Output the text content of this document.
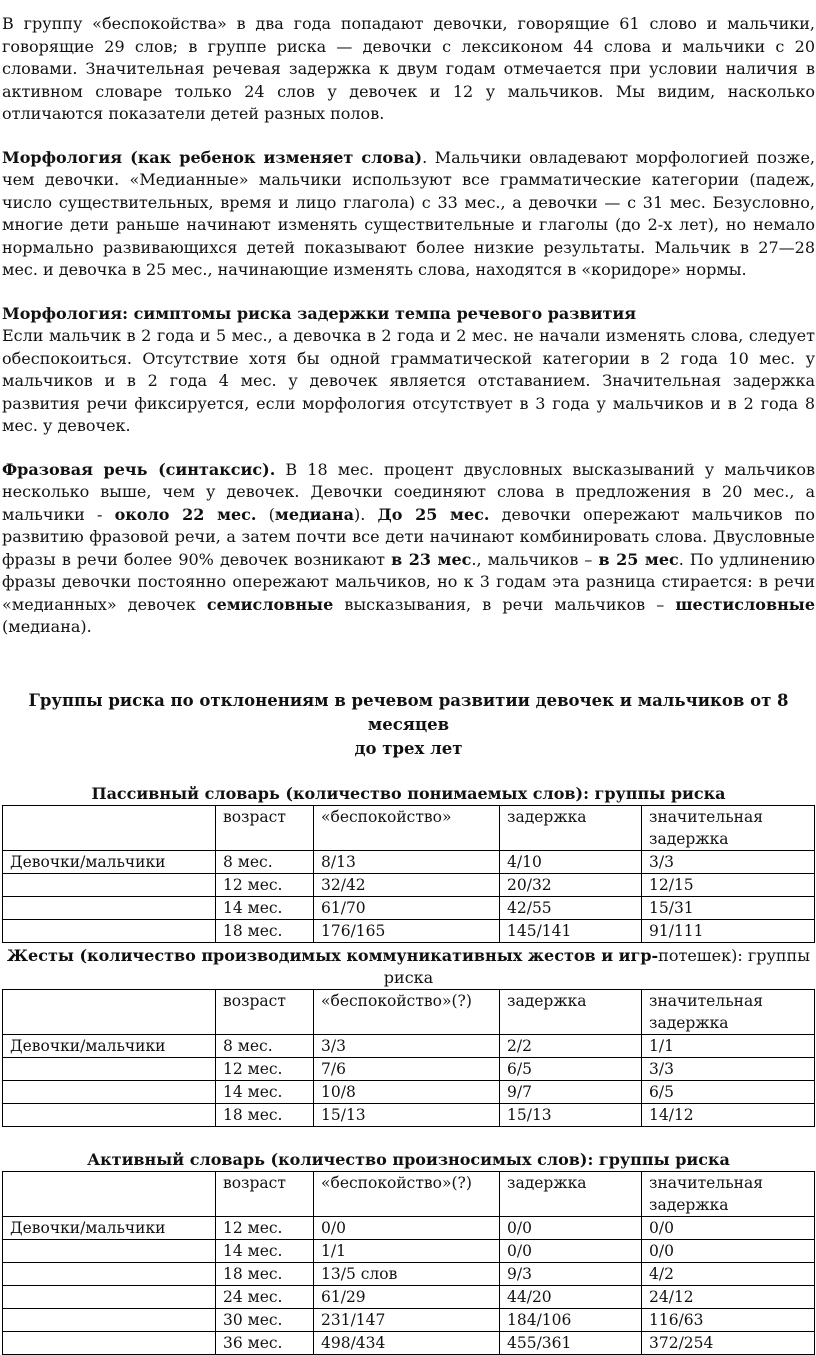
В группу «беспокойства» в два года попадают девочки, говорящие 61 слово и мальчики, говорящие 29 слов; в группе риска — девочки с лексиконом 44 слова и мальчики с 20 словами. Значительная речевая задержка к двум годам отмечается при условии наличия в активном словаре только 24 слов у девочек и 12 у мальчиков. Мы видим, насколько отличаются показатели детей разных полов.

Морфология (как ребенок изменяет слова). Мальчики овладевают морфологией позже, чем девочки. «Медианные» мальчики используют все грамматические категории (падеж, число существительных, время и лицо глагола) с 33 мес., а девочки — с 31 мес. Безусловно, многие дети раньше начинают изменять существительные и глаголы (до 2-х лет), но немало нормально развивающихся детей показывают более низкие результаты. Мальчик в 27—28 мес. и девочка в 25 мес., начинающие изменять слова, находятся в «коридоре» нормы.

Морфология: симптомы риска задержки темпа речевого развития
Если мальчик в 2 года и 5 мес., а девочка в 2 года и 2 мес. не начали изменять слова, следует обеспокоиться. Отсутствие хотя бы одной грамматической категории в 2 года 10 мес. у мальчиков и в 2 года 4 мес. у девочек является отставанием. Значительная задержка развития речи фиксируется, если морфология отсутствует в 3 года у мальчиков и в 2 года 8 мес. у девочек.

Фразовая речь (синтаксис). В 18 мес. процент двусловных высказываний у мальчиков несколько выше, чем у девочек. Девочки соединяют слова в предложения в 20 мес., а мальчики - около 22 мес. (медиана). До 25 мес. девочки опережают мальчиков по развитию фразовой речи, а затем почти все дети начинают комбинировать слова. Двусловные фразы в речи более 90% девочек возникают в 23 мес., мальчиков – в 25 мес. По удлинению фразы девочки постоянно опережают мальчиков, но к 3 годам эта разница стирается: в речи «медианных» девочек семисловные высказывания, в речи мальчиков – шестисловные (медиана).

Группы риска по отклонениям в речевом развитии девочек и мальчиков от 8 месяцев

до трех лет

Пассивный словарь (количество понимаемых слов): группы риска

	возраст	«беспокойство»	задержка	значительная задержка
Девочки/мальчики	8 мес.	8/13	4/10	3/3
	12 мес.	32/42	20/32	12/15
	14 мес.	61/70	42/55	15/31
	18 мес.	176/165	145/141	91/111

Жесты (количество производимых коммуникативных жестов и игр-потешек): группы риска

	возраст	«беспокойство»(?)	задержка	значительная задержка
Девочки/мальчики	8 мес.	3/3	2/2	1/1
	12 мес.	7/6	6/5	3/3
	14 мес.	10/8	9/7	6/5
	18 мес.	15/13	15/13	14/12

Активный словарь (количество произносимых слов): группы риска

	возраст	«беспокойство»(?)	задержка	значительная задержка
Девочки/мальчики	12 мес.	0/0	0/0	0/0
	14 мес.	1/1	0/0	0/0
	18 мес.	13/5 слов	9/3	4/2
	24 мес.	61/29	44/20	24/12
	30 мес.	231/147	184/106	116/63
	36 мес.	498/434	455/361	372/254
